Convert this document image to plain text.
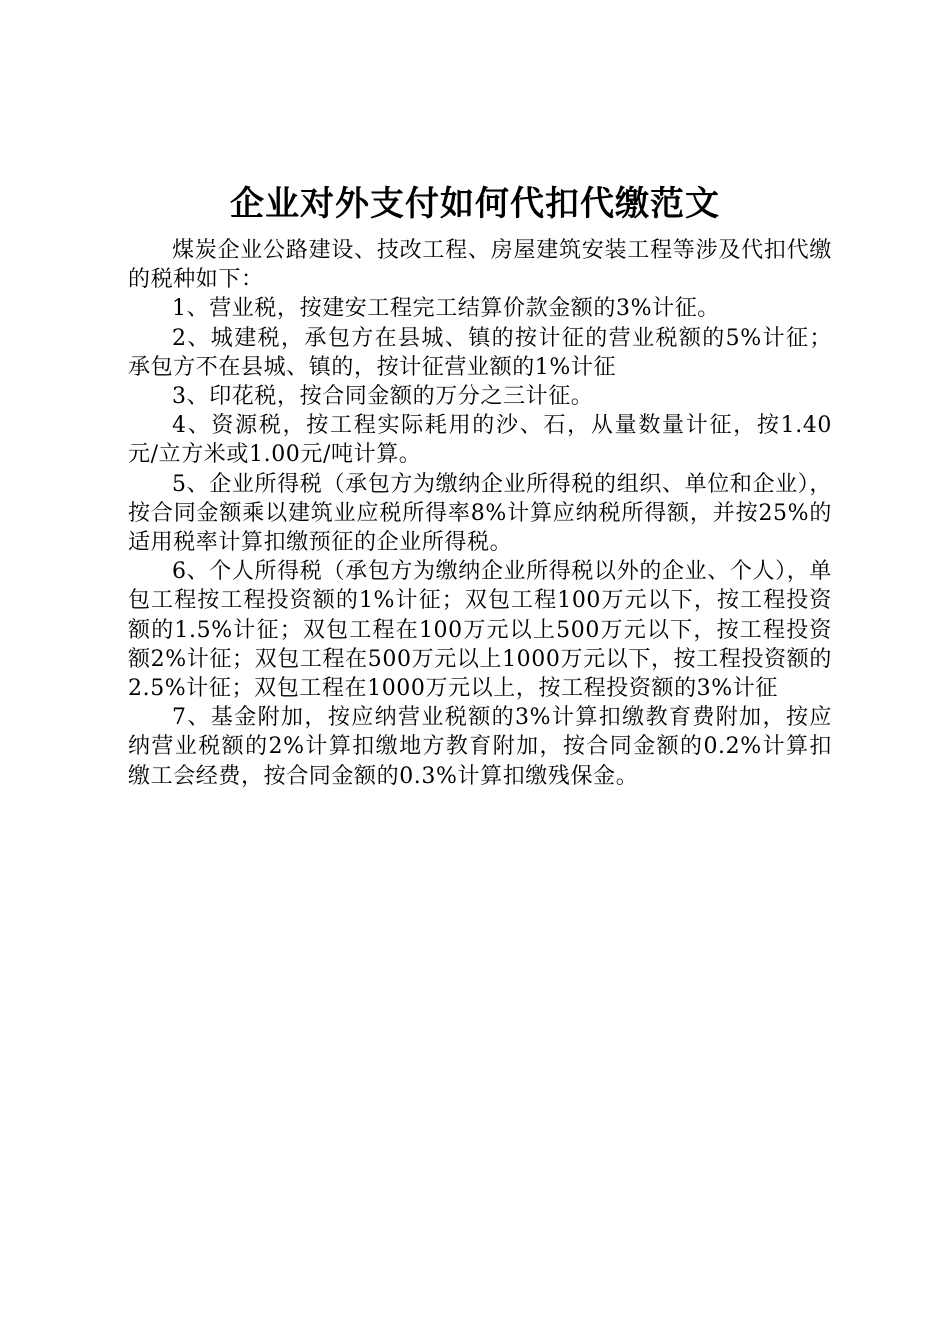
企业对外支付如何代扣代缴范文

煤炭企业公路建设、技改工程、房屋建筑安装工程等涉及代扣代缴的税种如下：

1、营业税，按建安工程完工结算价款金额的3%计征。

2、城建税，承包方在县城、镇的按计征的营业税额的5%计征；承包方不在县城、镇的，按计征营业额的1%计征

3、印花税，按合同金额的万分之三计征。

4、资源税，按工程实际耗用的沙、石，从量数量计征，按1.40元/立方米或1.00元/吨计算。

5、企业所得税（承包方为缴纳企业所得税的组织、单位和企业），按合同金额乘以建筑业应税所得率8%计算应纳税所得额，并按25%的适用税率计算扣缴预征的企业所得税。

6、个人所得税（承包方为缴纳企业所得税以外的企业、个人），单包工程按工程投资额的1%计征；双包工程100万元以下，按工程投资额的1.5%计征；双包工程在100万元以上500万元以下，按工程投资额2%计征；双包工程在500万元以上1000万元以下，按工程投资额的2.5%计征；双包工程在1000万元以上，按工程投资额的3%计征

7、基金附加，按应纳营业税额的3%计算扣缴教育费附加，按应纳营业税额的2%计算扣缴地方教育附加，按合同金额的0.2%计算扣缴工会经费，按合同金额的0.3%计算扣缴残保金。
